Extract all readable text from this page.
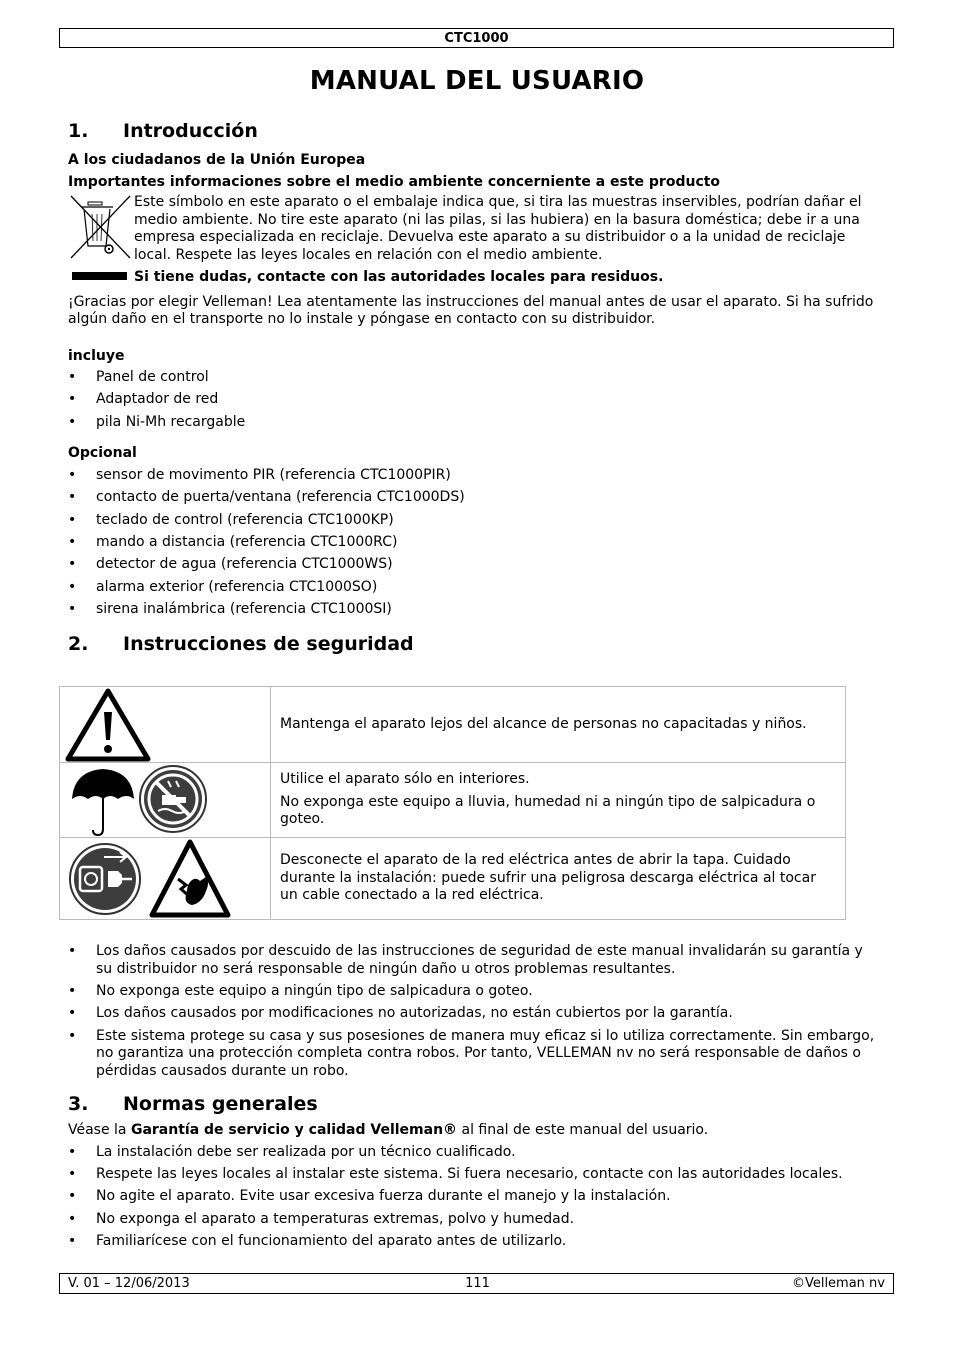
CTC1000
MANUAL DEL USUARIO
1.	Introducción

A los ciudadanos de la Unión Europea

Importantes informaciones sobre el medio ambiente concerniente a este producto

Este símbolo en este aparato o el embalaje indica que, si tira las muestras inservibles, podrían dañar el medio ambiente. No tire este aparato (ni las pilas, si las hubiera) en la basura doméstica; debe ir a una empresa especializada en reciclaje. Devuelva este aparato a su distribuidor o a la unidad de reciclaje local. Respete las leyes locales en relación con el medio ambiente.

Si tiene dudas, contacte con las autoridades locales para residuos.

¡Gracias por elegir Velleman! Lea atentamente las instrucciones del manual antes de usar el aparato. Si ha sufrido algún daño en el transporte no lo instale y póngase en contacto con su distribuidor.

incluye

• Panel de control
• Adaptador de red
• pila Ni-Mh recargable

Opcional

• sensor de movimento PIR (referencia CTC1000PIR)
• contacto de puerta/ventana (referencia CTC1000DS)
• teclado de control (referencia CTC1000KP)
• mando a distancia (referencia CTC1000RC)
• detector de agua (referencia CTC1000WS)
• alarma exterior (referencia CTC1000SO)
• sirena inalámbrica (referencia CTC1000SI)
2.	Instrucciones de seguridad
	Mantenga el aparato lejos del alcance de personas no capacitadas y niños.

Utilice el aparato sólo en interiores.

No exponga este equipo a lluvia, humedad ni a ningún tipo de salpicadura o goteo.

	Desconecte el aparato de la red eléctrica antes de abrir la tapa. Cuidado durante la instalación: puede sufrir una peligrosa descarga eléctrica al tocar un cable conectado a la red eléctrica.
• Los daños causados por descuido de las instrucciones de seguridad de este manual invalidarán su garantía y su distribuidor no será responsable de ningún daño u otros problemas resultantes.
• No exponga este equipo a ningún tipo de salpicadura o goteo.
• Los daños causados por modificaciones no autorizadas, no están cubiertos por la garantía.
• Este sistema protege su casa y sus posesiones de manera muy eficaz si lo utiliza correctamente. Sin embargo, no garantiza una protección completa contra robos. Por tanto, VELLEMAN nv no será responsable de daños o pérdidas causados durante un robo.
3.	Normas generales

Véase la Garantía de servicio y calidad Velleman® al final de este manual del usuario.

• La instalación debe ser realizada por un técnico cualificado.
• Respete las leyes locales al instalar este sistema. Si fuera necesario, contacte con las autoridades locales.
• No agite el aparato. Evite usar excesiva fuerza durante el manejo y la instalación.
• No exponga el aparato a temperaturas extremas, polvo y humedad.
• Familiarícese con el funcionamiento del aparato antes de utilizarlo.
V. 01 – 12/06/2013	111	©Velleman nv
